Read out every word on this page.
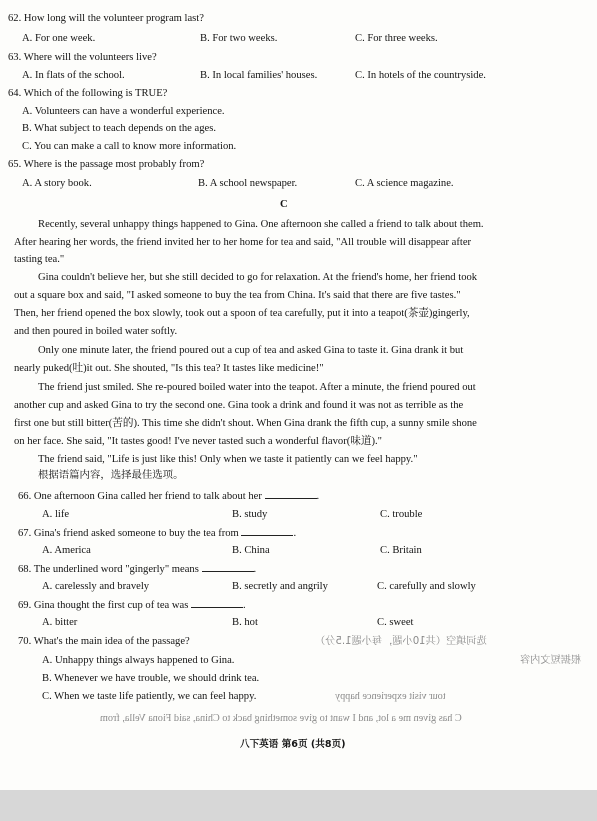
62. How long will the volunteer program last?
A. For one week.	B. For two weeks.	C. For three weeks.
63. Where will the volunteers live?
A. In flats of the school.	B. In local families' houses.	C. In hotels of the countryside.
64. Which of the following is TRUE?
A. Volunteers can have a wonderful experience.
B. What subject to teach depends on the ages.
C. You can make a call to know more information.
65. Where is the passage most probably from?
A. A story book.	B. A school newspaper.	C. A science magazine.
C
Recently, several unhappy things happened to Gina. One afternoon she called a friend to talk about them.
After hearing her words, the friend invited her to her home for tea and said, "All trouble will disappear after
tasting tea."
Gina couldn't believe her, but she still decided to go for relaxation. At the friend's home, her friend took
out a square box and said, "I asked someone to buy the tea from China. It's said that there are five tastes."
Then, her friend opened the box slowly, took out a spoon of tea carefully, put it into a teapot(茶壶)gingerly,
and then poured in boiled water softly.
Only one minute later, the friend poured out a cup of tea and asked Gina to taste it. Gina drank it but
nearly puked(吐)it out. She shouted, "Is this tea? It tastes like medicine!"
The friend just smiled. She re-poured boiled water into the teapot. After a minute, the friend poured out
another cup and asked Gina to try the second one. Gina took a drink and found it was not as terrible as the
first one but still bitter(苦的). This time she didn't shout. When Gina drank the fifth cup, a sunny smile shone
on her face. She said, "It tastes good! I've never tasted such a wonderful flavor(味道)."
The friend said, "Life is just like this! Only when we taste it patiently can we feel happy."
根据语篇内容，选择最佳选项。
66. One afternoon Gina called her friend to talk about her	.
A. life	B. study	C. trouble
67. Gina's friend asked someone to buy the tea from	.
A. America	B. China	C. Britain
68. The underlined word "gingerly" means	.
A. carelessly and bravely	B. secretly and angrily	C. carefully and slowly
69. Gina thought the first cup of tea was	.
A. bitter	B. hot	C. sweet
70. What's the main idea of the passage?
A. Unhappy things always happened to Gina.
B. Whenever we have trouble, we should drink tea.
C. When we taste life patiently, we can feel happy.
选词填空（共10小题，每小题1.5分）
根据短文内容
tour visit experience happy
C has given me a lot, and I want to give something back to China, said Fiona Vella, from
八下英语 第6页 (共8页)
